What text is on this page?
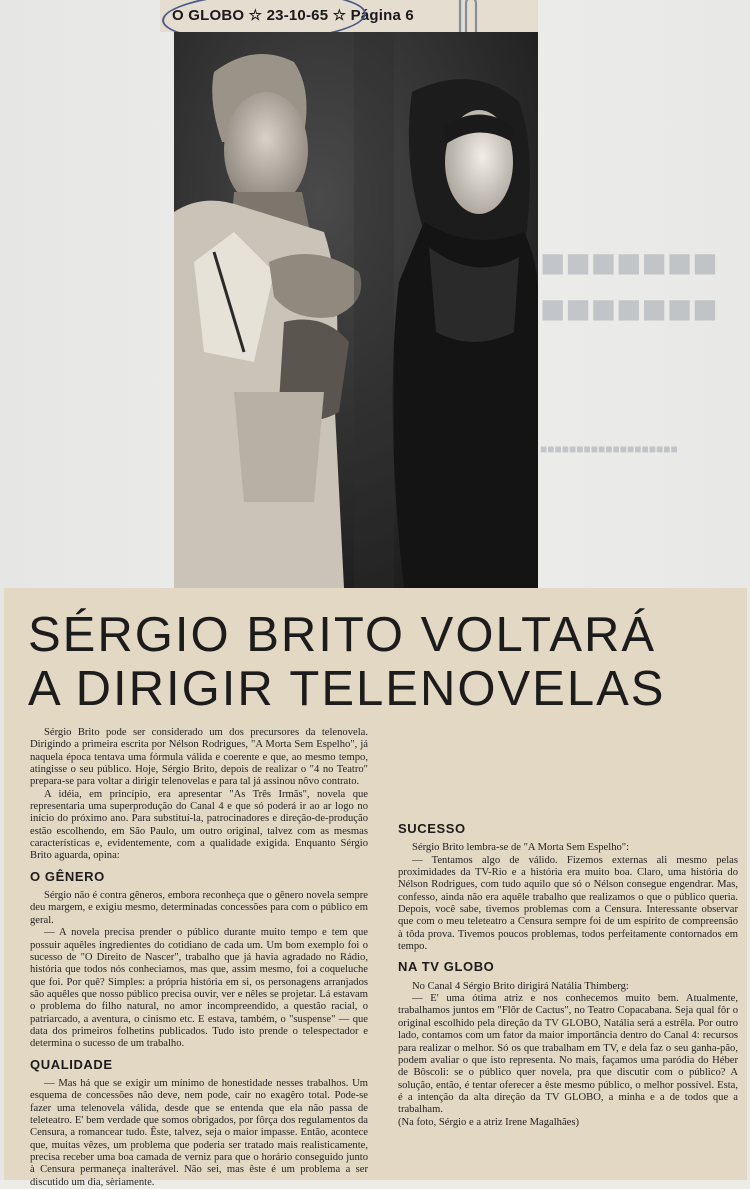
■■■■■■■
■■■■■■■
■■■■■■■■■■■■■■■■■■■
O GLOBO ☆ 23-10-65 ☆ Página 6
SÉRGIO BRITO VOLTARÁ
A DIRIGIR TELENOVELAS

Sérgio Brito pode ser considerado um dos precursores da telenovela. Dirigindo a primeira escrita por Nélson Rodrigues, "A Morta Sem Espelho", já naquela época tentava uma fórmula válida e coerente e que, ao mesmo tempo, atingisse o seu público. Hoje, Sérgio Brito, depois de realizar o "4 no Teatro" prepara-se para voltar a dirigir telenovelas e para tal já assinou nôvo contrato.

A idéia, em princípio, era apresentar "As Três Irmãs", novela que representaria uma superprodução do Canal 4 e que só poderá ir ao ar logo no início do próximo ano. Para substituí-la, patrocinadores e direção-de-produção estão escolhendo, em São Paulo, um outro original, talvez com as mesmas características e, evidentemente, com a qualidade exigida. Enquanto Sérgio Brito aguarda, opina:

O GÊNERO

Sérgio não é contra gêneros, embora reconheça que o gênero novela sempre deu margem, e exigiu mesmo, determinadas concessões para com o público em geral.

— A novela precisa prender o público durante muito tempo e tem que possuir aquêles ingredientes do cotidiano de cada um. Um bom exemplo foi o sucesso de "O Direito de Nascer", trabalho que já havia agradado no Rádio, história que todos nós conheciamos, mas que, assim mesmo, foi a coqueluche que foi. Por quê? Simples: a própria história em si, os personagens arranjados são aquêles que nosso público precisa ouvir, ver e nêles se projetar. Lá estavam o problema do filho natural, no amor incompreendido, a questão racial, o patriarcado, a aventura, o cinismo etc. E estava, também, o "suspense" — que data dos primeiros folhetins publicados. Tudo isto prende o telespectador e determina o sucesso de um trabalho.

QUALIDADE

— Mas há que se exigir um mínimo de honestidade nesses trabalhos. Um esquema de concessões não deve, nem pode, cair no exagêro total. Pode-se fazer uma telenovela válida, desde que se entenda que ela não passa de teleteatro. E' bem verdade que somos obrigados, por fôrça dos regulamentos da Censura, a romancear tudo. Êste, talvez, seja o maior impasse. Então, acontece que, muitas vêzes, um problema que poderia ser tratado mais realìsticamente, precisa receber uma boa camada de verniz para que o horário conseguido junto à Censura permaneça inalterável. Não sei, mas êste é um problema a ser discutido um dia, sèriamente.

SUCESSO

Sérgio Brito lembra-se de "A Morta Sem Espelho":

— Tentamos algo de válido. Fizemos externas ali mesmo pelas proximidades da TV-Rio e a história era muito boa. Claro, uma história do Nélson Rodrigues, com tudo aquilo que só o Nélson consegue engendrar. Mas, confesso, ainda não era aquêle trabalho que realizamos o que o público queria. Depois, você sabe, tivemos problemas com a Censura. Interessante observar que com o meu teleteatro a Censura sempre foi de um espírito de compreensão à tôda prova. Tivemos poucos problemas, todos perfeitamente contornados em tempo.

NA TV GLOBO

No Canal 4 Sérgio Brito dirigirá Natália Thimberg:

— E' uma ótima atriz e nos conhecemos muito bem. Atualmente, trabalhamos juntos em "Flôr de Cactus", no Teatro Copacabana. Seja qual fôr o original escolhido pela direção da TV GLOBO, Natália será a estrêla. Por outro lado, contamos com um fator da maior importância dentro do Canal 4: recursos para realizar o melhor. Só os que trabalham em TV, e dela faz o seu ganha-pão, podem avaliar o que isto representa. No mais, façamos uma paródia do Héber de Bôscoli: se o público quer novela, pra que discutir com o público? A solução, então, é tentar oferecer a êste mesmo público, o melhor possível. Esta, é a intenção da alta direção da TV GLOBO, a minha e a de todos que a trabalham.

(Na foto, Sérgio e a atriz Irene Magalhães)
